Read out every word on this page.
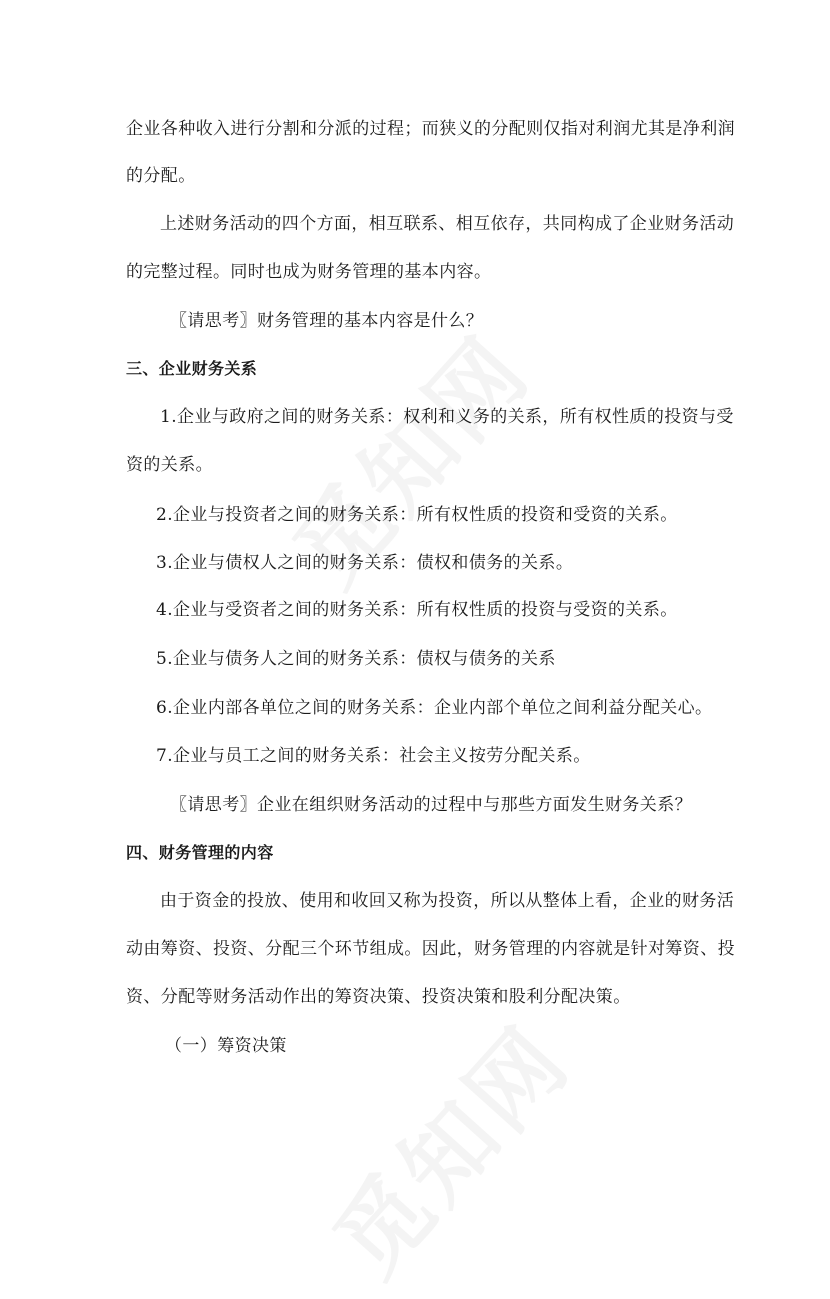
企业各种收入进行分割和分派的过程；而狭义的分配则仅指对利润尤其是净利润
的分配。
上述财务活动的四个方面，相互联系、相互依存，共同构成了企业财务活动
的完整过程。同时也成为财务管理的基本内容。
〖请思考〗财务管理的基本内容是什么？
三、企业财务关系
1.企业与政府之间的财务关系：权利和义务的关系，所有权性质的投资与受
资的关系。
2.企业与投资者之间的财务关系：所有权性质的投资和受资的关系。
3.企业与债权人之间的财务关系：债权和债务的关系。
4.企业与受资者之间的财务关系：所有权性质的投资与受资的关系。
5.企业与债务人之间的财务关系：债权与债务的关系
6.企业内部各单位之间的财务关系：企业内部个单位之间利益分配关心。
7.企业与员工之间的财务关系：社会主义按劳分配关系。
〖请思考〗企业在组织财务活动的过程中与那些方面发生财务关系？
四、财务管理的内容
由于资金的投放、使用和收回又称为投资，所以从整体上看，企业的财务活
动由筹资、投资、分配三个环节组成。因此，财务管理的内容就是针对筹资、投
资、分配等财务活动作出的筹资决策、投资决策和股利分配决策。
（一）筹资决策
